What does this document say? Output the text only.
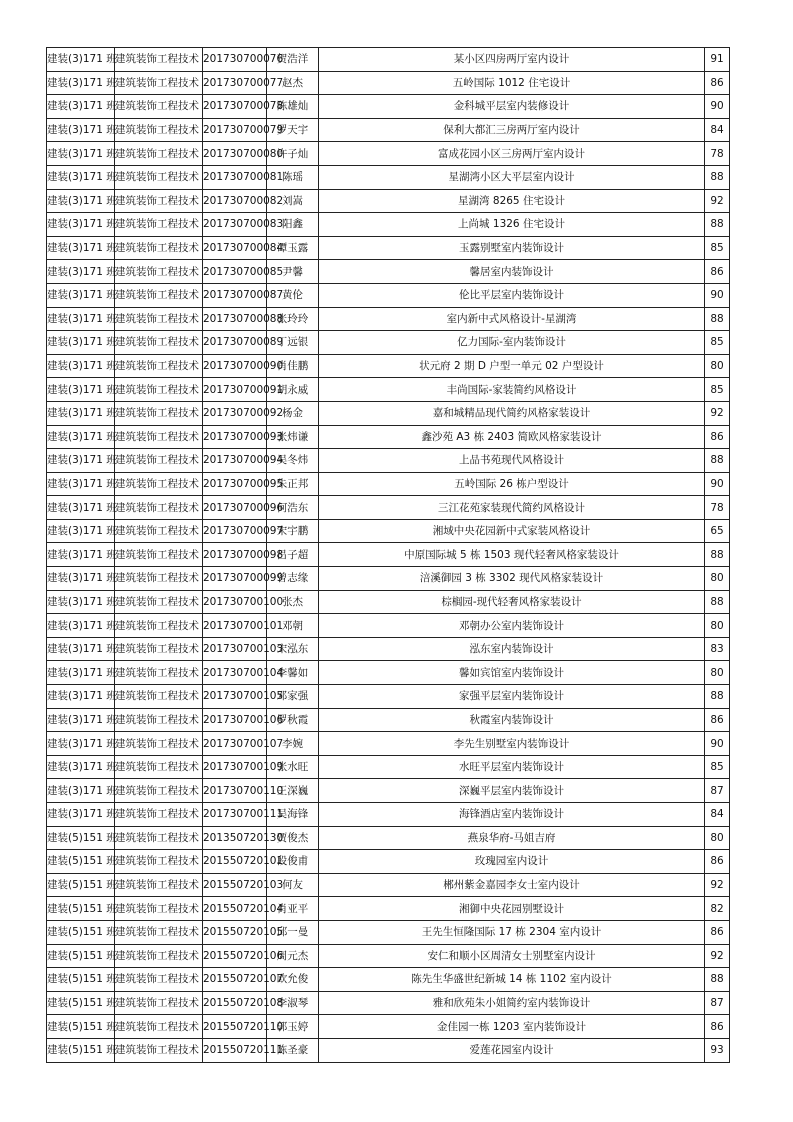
建装(3)171 班	建筑装饰工程技术	201730700076	贺浩洋	某小区四房两厅室内设计	91
建装(3)171 班	建筑装饰工程技术	201730700077	赵杰	五岭国际 1012 住宅设计	86
建装(3)171 班	建筑装饰工程技术	201730700078	陈雄灿	金科城平层室内装修设计	90
建装(3)171 班	建筑装饰工程技术	201730700079	罗天宇	保利大都汇三房两厅室内设计	84
建装(3)171 班	建筑装饰工程技术	201730700080	许子灿	富成花园小区三房两厅室内设计	78
建装(3)171 班	建筑装饰工程技术	201730700081	陈瑶	星湖湾小区大平层室内设计	88
建装(3)171 班	建筑装饰工程技术	201730700082	刘嵩	星湖湾 8265 住宅设计	92
建装(3)171 班	建筑装饰工程技术	201730700083	阳鑫	上尚城 1326 住宅设计	88
建装(3)171 班	建筑装饰工程技术	201730700084	谭玉露	玉露别墅室内装饰设计	85
建装(3)171 班	建筑装饰工程技术	201730700085	尹馨	馨居室内装饰设计	86
建装(3)171 班	建筑装饰工程技术	201730700087	黄伦	伦比平层室内装饰设计	90
建装(3)171 班	建筑装饰工程技术	201730700088	张玲玲	室内新中式风格设计-星湖湾	88
建装(3)171 班	建筑装饰工程技术	201730700089	丁远银	亿力国际-室内装饰设计	85
建装(3)171 班	建筑装饰工程技术	201730700090	肖佳鹏	状元府 2 期 D 户型一单元 02 户型设计	80
建装(3)171 班	建筑装饰工程技术	201730700091	胡永威	丰尚国际-家装简约风格设计	85
建装(3)171 班	建筑装饰工程技术	201730700092	杨金	嘉和城精品现代简约风格家装设计	92
建装(3)171 班	建筑装饰工程技术	201730700093	张炜谦	鑫沙苑 A3 栋 2403 简欧风格家装设计	86
建装(3)171 班	建筑装饰工程技术	201730700094	吴冬炜	上品书苑现代风格设计	88
建装(3)171 班	建筑装饰工程技术	201730700095	朱正邦	五岭国际 26 栋户型设计	90
建装(3)171 班	建筑装饰工程技术	201730700096	何浩东	三江花苑家装现代简约风格设计	78
建装(3)171 班	建筑装饰工程技术	201730700097	宋宇鹏	湘域中央花园新中式家装风格设计	65
建装(3)171 班	建筑装饰工程技术	201730700098	吕子超	中原国际城 5 栋 1503 现代轻奢风格家装设计	88
建装(3)171 班	建筑装饰工程技术	201730700099	曾志缘	涪溪御园 3 栋 3302 现代风格家装设计	80
建装(3)171 班	建筑装饰工程技术	201730700100	张杰	棕榈园-现代轻奢风格家装设计	88
建装(3)171 班	建筑装饰工程技术	201730700101	邓朝	邓朝办公室内装饰设计	80
建装(3)171 班	建筑装饰工程技术	201730700103	宋泓东	泓东室内装饰设计	83
建装(3)171 班	建筑装饰工程技术	201730700104	李馨如	馨如宾馆室内装饰设计	80
建装(3)171 班	建筑装饰工程技术	201730700105	邓家强	家强平层室内装饰设计	88
建装(3)171 班	建筑装饰工程技术	201730700106	罗秋霞	秋霞室内装饰设计	86
建装(3)171 班	建筑装饰工程技术	201730700107	李婉	李先生别墅室内装饰设计	90
建装(3)171 班	建筑装饰工程技术	201730700109	张水旺	水旺平层室内装饰设计	85
建装(3)171 班	建筑装饰工程技术	201730700110	王深巍	深巍平层室内装饰设计	87
建装(3)171 班	建筑装饰工程技术	201730700111	吴海锋	海锋酒店室内装饰设计	84
建装(5)151 班	建筑装饰工程技术	201350720130	贾俊杰	燕泉华府-马姐吉府	80
建装(5)151 班	建筑装饰工程技术	201550720101	段俊甫	玫瑰园室内设计	86
建装(5)151 班	建筑装饰工程技术	201550720103	何友	郴州紫金嘉园李女士室内设计	92
建装(5)151 班	建筑装饰工程技术	201550720104	肖亚平	湘御中央花园别墅设计	82
建装(5)151 班	建筑装饰工程技术	201550720105	邱一曼	王先生恒隆国际 17 栋 2304 室内设计	86
建装(5)151 班	建筑装饰工程技术	201550720106	周元杰	安仁和顺小区周清女士别墅室内设计	92
建装(5)151 班	建筑装饰工程技术	201550720107	欧允俊	陈先生华盛世纪新城 14 栋 1102 室内设计	88
建装(5)151 班	建筑装饰工程技术	201550720108	李淑琴	雅和欣苑朱小姐简约室内装饰设计	87
建装(5)151 班	建筑装饰工程技术	201550720110	郭玉婷	金佳园一栋 1203 室内装饰设计	86
建装(5)151 班	建筑装饰工程技术	201550720111	陈圣豪	爱莲花园室内设计	93
